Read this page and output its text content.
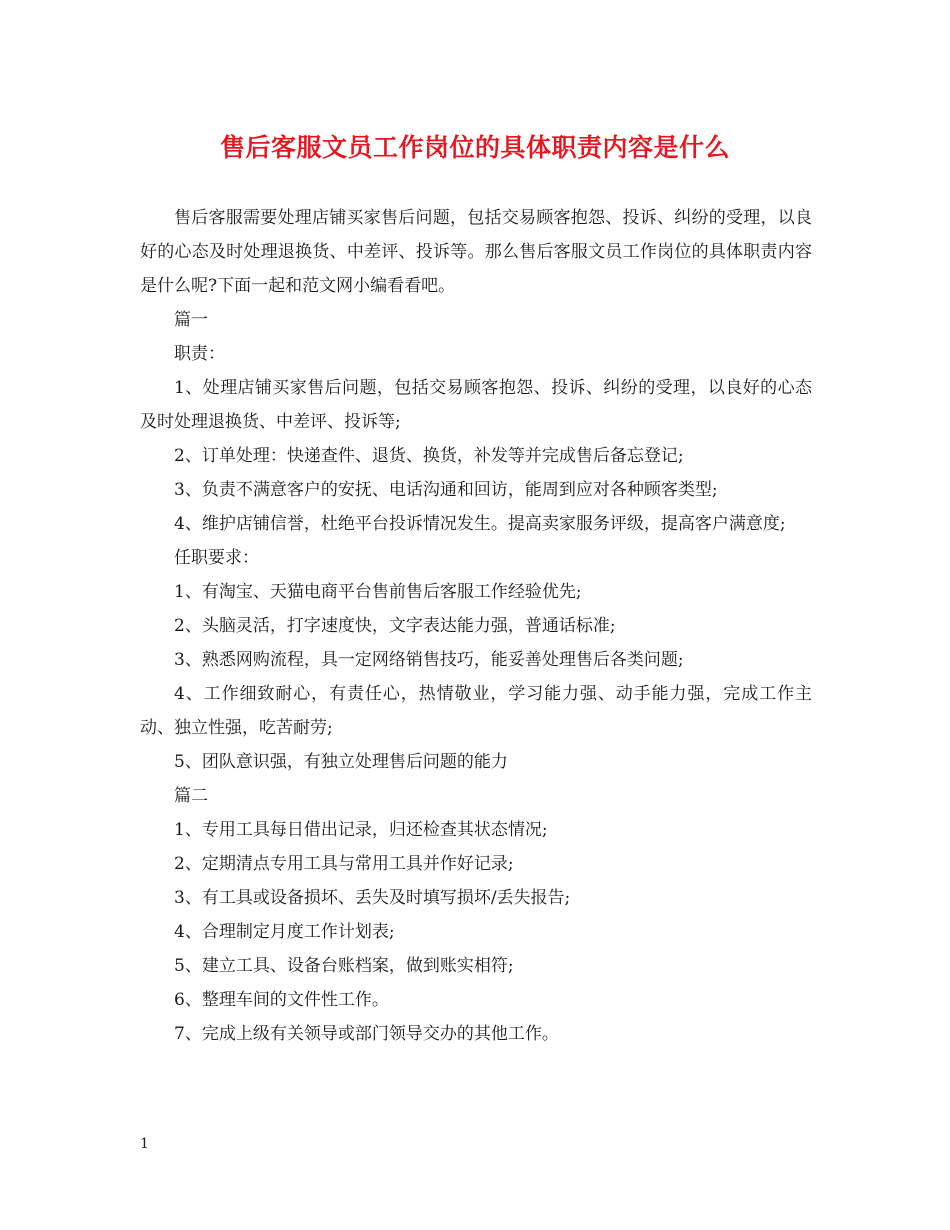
售后客服文员工作岗位的具体职责内容是什么

售后客服需要处理店铺买家售后问题，包括交易顾客抱怨、投诉、纠纷的受理，以良好的心态及时处理退换货、中差评、投诉等。那么售后客服文员工作岗位的具体职责内容是什么呢?下面一起和范文网小编看看吧。

篇一

职责：

1、处理店铺买家售后问题，包括交易顾客抱怨、投诉、纠纷的受理，以良好的心态及时处理退换货、中差评、投诉等;

2、订单处理：快递查件、退货、换货，补发等并完成售后备忘登记;

3、负责不满意客户的安抚、电话沟通和回访，能周到应对各种顾客类型;

4、维护店铺信誉，杜绝平台投诉情况发生。提高卖家服务评级，提高客户满意度;

任职要求：

1、有淘宝、天猫电商平台售前售后客服工作经验优先;

2、头脑灵活，打字速度快，文字表达能力强，普通话标准;

3、熟悉网购流程，具一定网络销售技巧，能妥善处理售后各类问题;

4、工作细致耐心，有责任心，热情敬业，学习能力强、动手能力强，完成工作主动、独立性强，吃苦耐劳;

5、团队意识强，有独立处理售后问题的能力

篇二

1、专用工具每日借出记录，归还检查其状态情况;

2、定期清点专用工具与常用工具并作好记录;

3、有工具或设备损坏、丢失及时填写损坏/丢失报告;

4、合理制定月度工作计划表;

5、建立工具、设备台账档案，做到账实相符;

6、整理车间的文件性工作。

7、完成上级有关领导或部门领导交办的其他工作。

1
